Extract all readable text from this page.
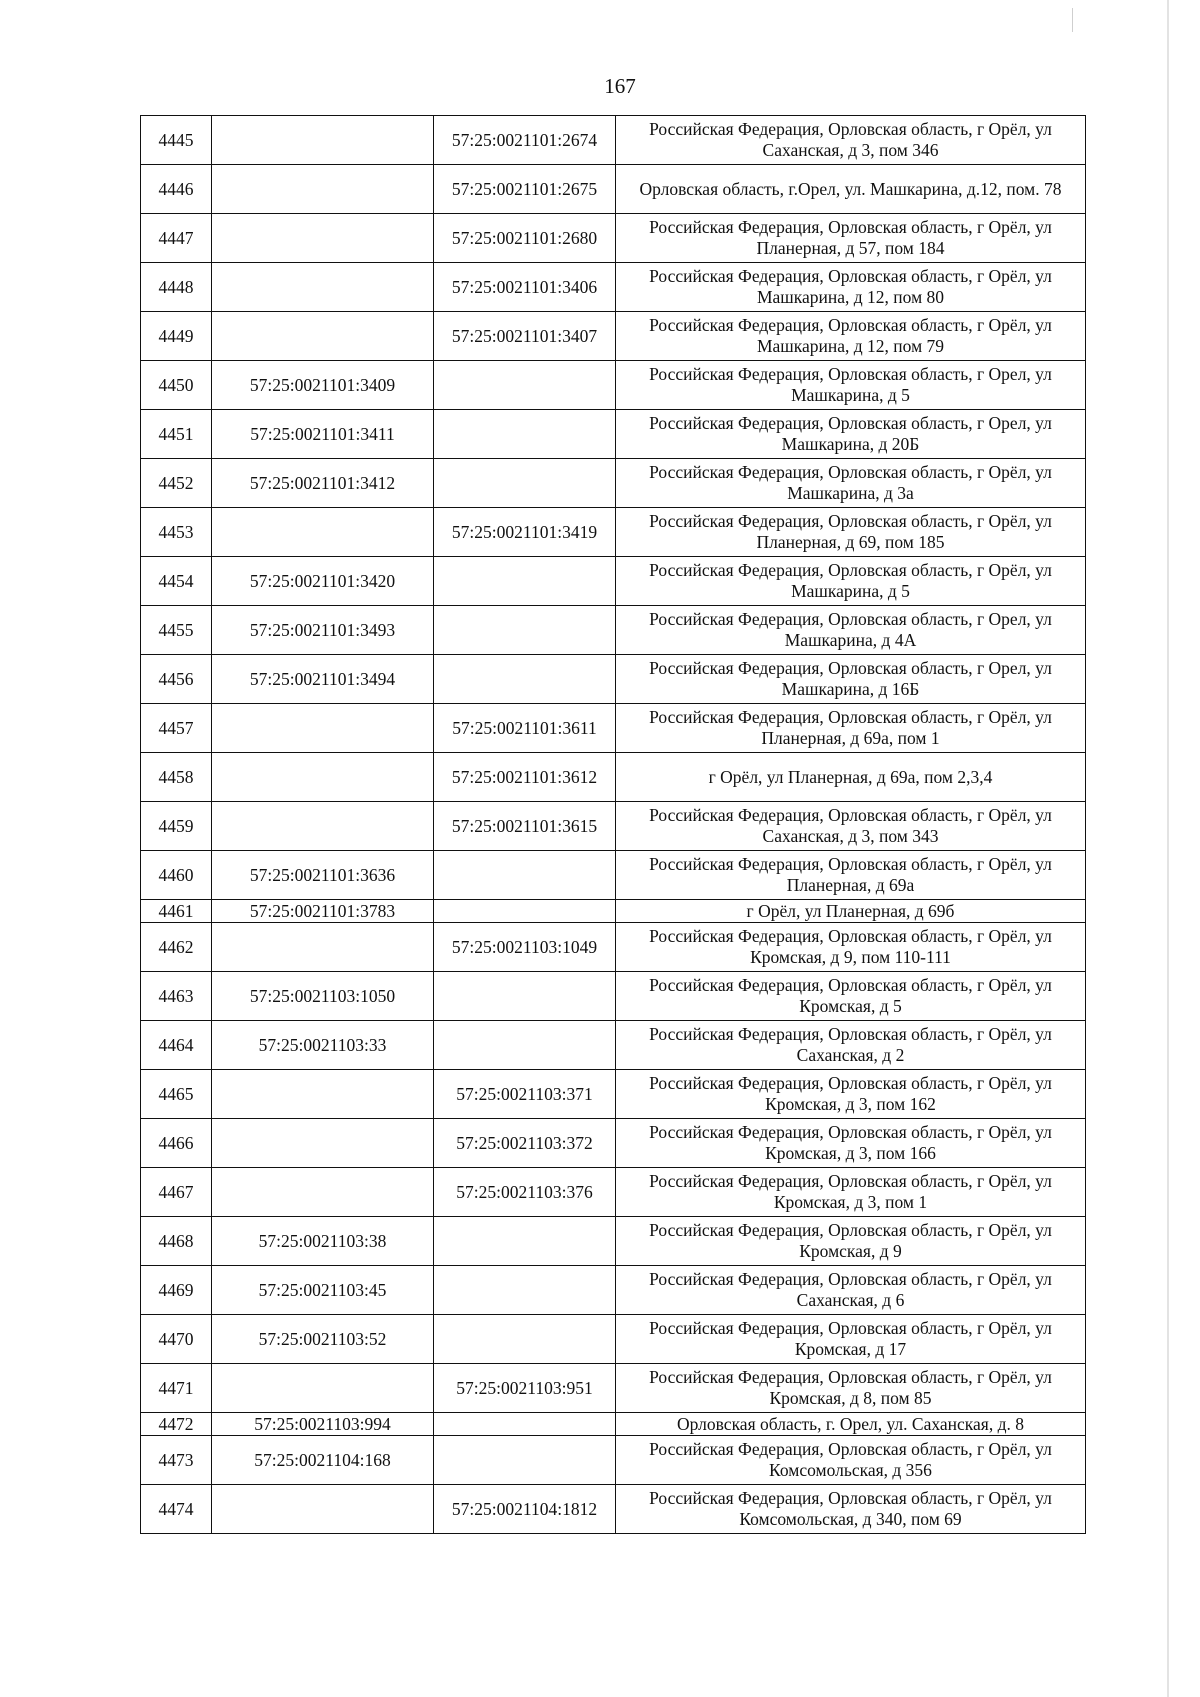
167
4445		57:25:0021101:2674	Российская Федерация, Орловская область, г Орёл, ул Саханская, д 3, пом 346
4446		57:25:0021101:2675	Орловская область, г.Орел, ул. Машкарина, д.12, пом. 78
4447		57:25:0021101:2680	Российская Федерация, Орловская область, г Орёл, ул Планерная, д 57, пом 184
4448		57:25:0021101:3406	Российская Федерация, Орловская область, г Орёл, ул Машкарина, д 12, пом 80
4449		57:25:0021101:3407	Российская Федерация, Орловская область, г Орёл, ул Машкарина, д 12, пом 79
4450	57:25:0021101:3409		Российская Федерация, Орловская область, г Орел, ул Машкарина, д 5
4451	57:25:0021101:3411		Российская Федерация, Орловская область, г Орел, ул Машкарина, д 20Б
4452	57:25:0021101:3412		Российская Федерация, Орловская область, г Орёл, ул Машкарина, д 3а
4453		57:25:0021101:3419	Российская Федерация, Орловская область, г Орёл, ул Планерная, д 69, пом 185
4454	57:25:0021101:3420		Российская Федерация, Орловская область, г Орёл, ул Машкарина, д 5
4455	57:25:0021101:3493		Российская Федерация, Орловская область, г Орел, ул Машкарина, д 4А
4456	57:25:0021101:3494		Российская Федерация, Орловская область, г Орел, ул Машкарина, д 16Б
4457		57:25:0021101:3611	Российская Федерация, Орловская область, г Орёл, ул Планерная, д 69а, пом 1
4458		57:25:0021101:3612	г Орёл, ул Планерная, д 69а, пом 2,3,4
4459		57:25:0021101:3615	Российская Федерация, Орловская область, г Орёл, ул Саханская, д 3, пом 343
4460	57:25:0021101:3636		Российская Федерация, Орловская область, г Орёл, ул Планерная, д 69а
4461	57:25:0021101:3783		г Орёл, ул Планерная, д 69б
4462		57:25:0021103:1049	Российская Федерация, Орловская область, г Орёл, ул Кромская, д 9, пом 110-111
4463	57:25:0021103:1050		Российская Федерация, Орловская область, г Орёл, ул Кромская, д 5
4464	57:25:0021103:33		Российская Федерация, Орловская область, г Орёл, ул Саханская, д 2
4465		57:25:0021103:371	Российская Федерация, Орловская область, г Орёл, ул Кромская, д 3, пом 162
4466		57:25:0021103:372	Российская Федерация, Орловская область, г Орёл, ул Кромская, д 3, пом 166
4467		57:25:0021103:376	Российская Федерация, Орловская область, г Орёл, ул Кромская, д 3, пом 1
4468	57:25:0021103:38		Российская Федерация, Орловская область, г Орёл, ул Кромская, д 9
4469	57:25:0021103:45		Российская Федерация, Орловская область, г Орёл, ул Саханская, д 6
4470	57:25:0021103:52		Российская Федерация, Орловская область, г Орёл, ул Кромская, д 17
4471		57:25:0021103:951	Российская Федерация, Орловская область, г Орёл, ул Кромская, д 8, пом 85
4472	57:25:0021103:994		Орловская область, г. Орел, ул. Саханская, д. 8
4473	57:25:0021104:168		Российская Федерация, Орловская область, г Орёл, ул Комсомольская, д 356
4474		57:25:0021104:1812	Российская Федерация, Орловская область, г Орёл, ул Комсомольская, д 340, пом 69
